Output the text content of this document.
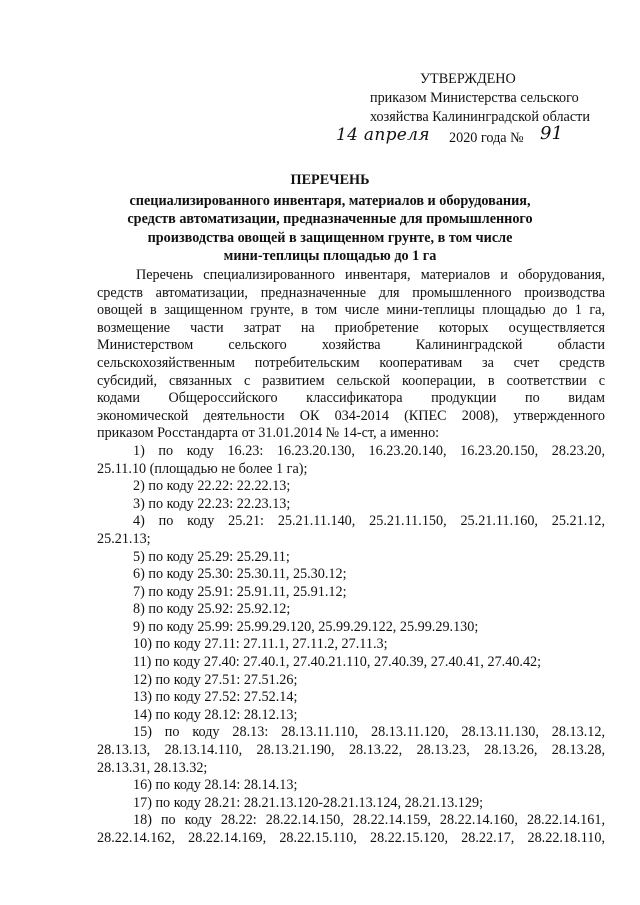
УТВЕРЖДЕНО
приказом Министерства сельского
хозяйства Калининградской области
14 апреля 2020 года № 91
ПЕРЕЧЕНЬ
специализированного инвентаря, материалов и оборудования,
средств автоматизации, предназначенные для промышленного
производства овощей в защищенном грунте, в том числе
мини-теплицы площадью до 1 га
Перечень специализированного инвентаря, материалов и оборудования,
средств автоматизации, предназначенные для промышленного производства
овощей в защищенном грунте, в том числе мини-теплицы площадью до 1 га,
возмещение части затрат на приобретение которых осуществляется
Министерством сельского хозяйства Калининградской области
сельскохозяйственным потребительским кооперативам за счет средств
субсидий, связанных с развитием сельской кооперации, в соответствии с
кодами Общероссийского классификатора продукции по видам
экономической деятельности ОК 034-2014 (КПЕС 2008), утвержденного
приказом Росстандарта от 31.01.2014 № 14-ст, а именно:
1) по коду 16.23: 16.23.20.130, 16.23.20.140, 16.23.20.150, 28.23.20,
25.11.10 (площадью не более 1 га);
2) по коду 22.22: 22.22.13;
3) по коду 22.23: 22.23.13;
4) по коду 25.21: 25.21.11.140, 25.21.11.150, 25.21.11.160, 25.21.12,
25.21.13;
5) по коду 25.29: 25.29.11;
6) по коду 25.30: 25.30.11, 25.30.12;
7) по коду 25.91: 25.91.11, 25.91.12;
8) по коду 25.92: 25.92.12;
9) по коду 25.99: 25.99.29.120, 25.99.29.122, 25.99.29.130;
10) по коду 27.11: 27.11.1, 27.11.2, 27.11.3;
11) по коду 27.40: 27.40.1, 27.40.21.110, 27.40.39, 27.40.41, 27.40.42;
12) по коду 27.51: 27.51.26;
13) по коду 27.52: 27.52.14;
14) по коду 28.12: 28.12.13;
15) по коду 28.13: 28.13.11.110, 28.13.11.120, 28.13.11.130, 28.13.12,
28.13.13, 28.13.14.110, 28.13.21.190, 28.13.22, 28.13.23, 28.13.26, 28.13.28,
28.13.31, 28.13.32;
16) по коду 28.14: 28.14.13;
17) по коду 28.21: 28.21.13.120-28.21.13.124, 28.21.13.129;
18) по коду 28.22: 28.22.14.150, 28.22.14.159, 28.22.14.160, 28.22.14.161,
28.22.14.162, 28.22.14.169, 28.22.15.110, 28.22.15.120, 28.22.17, 28.22.18.110,
